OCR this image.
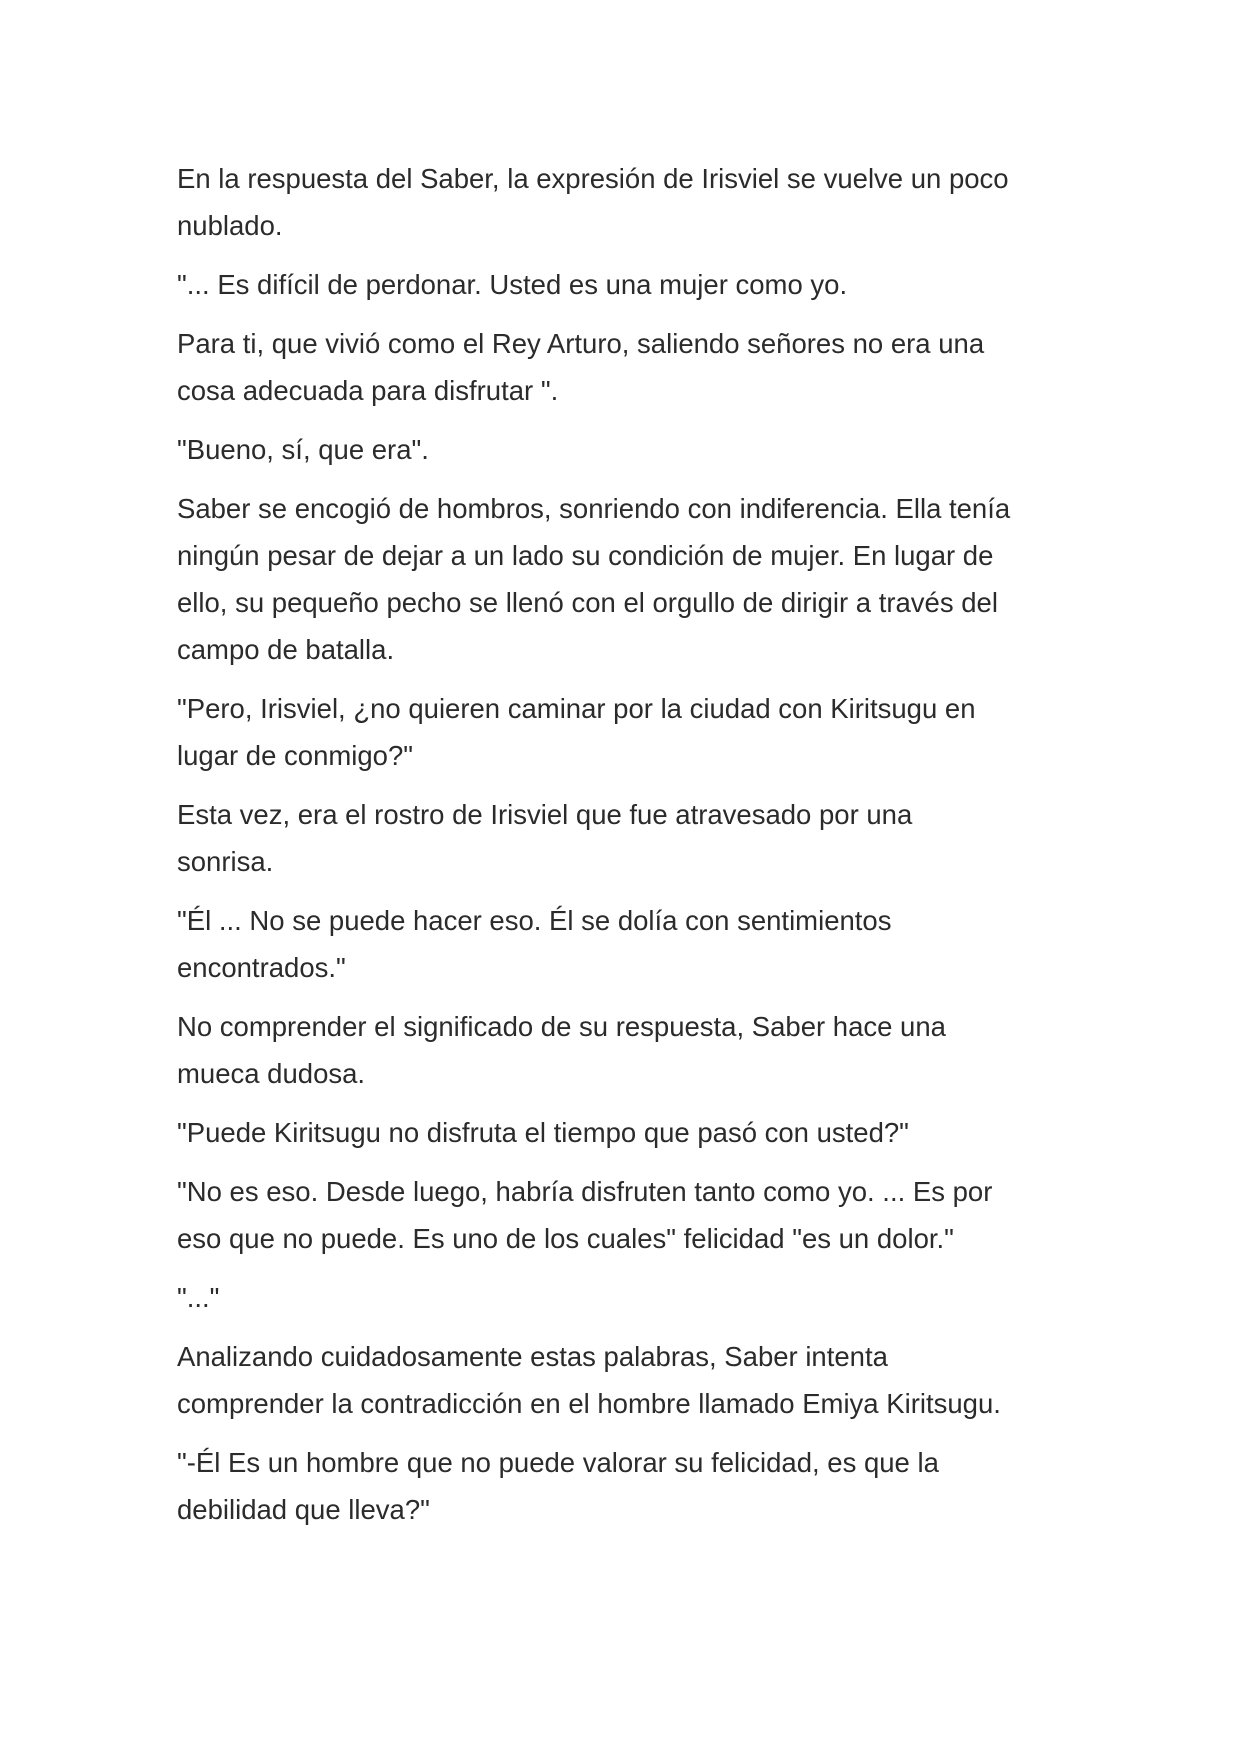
En la respuesta del Saber, la expresión de Irisviel se vuelve un poco
nublado.

"... Es difícil de perdonar. Usted es una mujer como yo.

Para ti, que vivió como el Rey Arturo, saliendo señores no era una
cosa adecuada para disfrutar ".

"Bueno, sí, que era".

Saber se encogió de hombros, sonriendo con indiferencia. Ella tenía
ningún pesar de dejar a un lado su condición de mujer. En lugar de
ello, su pequeño pecho se llenó con el orgullo de dirigir a través del
campo de batalla.

"Pero, Irisviel, ¿no quieren caminar por la ciudad con Kiritsugu en
lugar de conmigo?"

Esta vez, era el rostro de Irisviel que fue atravesado por una
sonrisa.

"Él ... No se puede hacer eso. Él se dolía con sentimientos
encontrados."

No comprender el significado de su respuesta, Saber hace una
mueca dudosa.

"Puede Kiritsugu no disfruta el tiempo que pasó con usted?"

"No es eso. Desde luego, habría disfruten tanto como yo. ... Es por
eso que no puede. Es uno de los cuales" felicidad "es un dolor."

"..."

Analizando cuidadosamente estas palabras, Saber intenta
comprender la contradicción en el hombre llamado Emiya Kiritsugu.

"-Él Es un hombre que no puede valorar su felicidad, es que la
debilidad que lleva?"
